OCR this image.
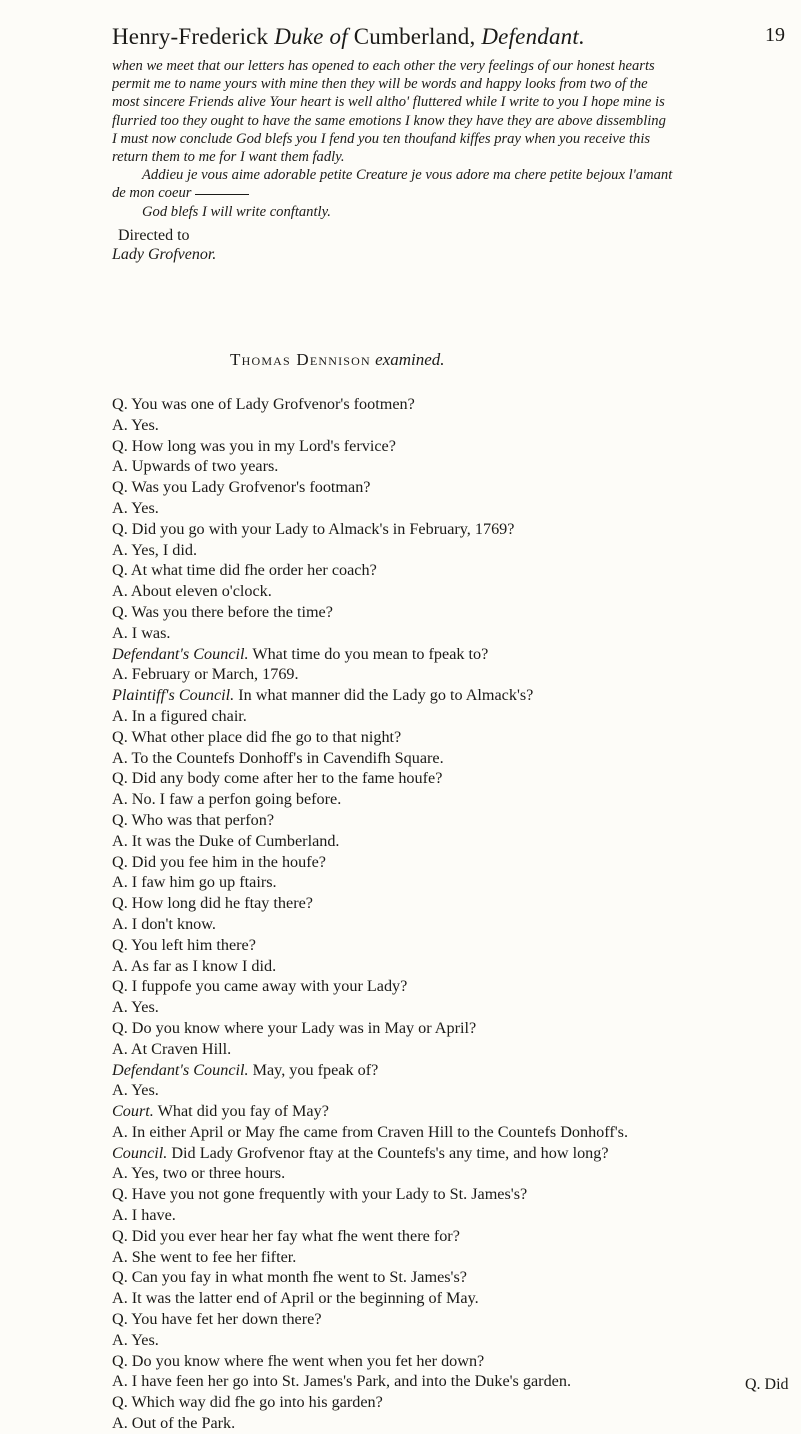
Henry-Frederick Duke of Cumberland, Defendant.	19
when we meet that our letters has opened to each other the very feelings of our honest hearts
permit me to name yours with mine then they will be words and happy looks from two of the
most sincere Friends alive Your heart is well altho' fluttered while I write to you I hope mine is
flurried too they ought to have the same emotions I know they have they are above dissembling
I must now conclude God blefs you I fend you ten thoufand kiffes pray when you receive this
return them to me for I want them fadly.
Addieu je vous aime adorable petite Creature je vous adore ma chere petite bejoux l'amant
de mon coeur
God blefs I will write conftantly.
Directed to
Lady Grofvenor.
Thomas Dennison examined.
Q. You was one of Lady Grofvenor's footmen?
A. Yes.
Q. How long was you in my Lord's fervice?
A. Upwards of two years.
Q. Was you Lady Grofvenor's footman?
A. Yes.
Q. Did you go with your Lady to Almack's in February, 1769?
A. Yes, I did.
Q. At what time did fhe order her coach?
A. About eleven o'clock.
Q. Was you there before the time?
A. I was.
Defendant's Council. What time do you mean to fpeak to?
A. February or March, 1769.
Plaintiff's Council. In what manner did the Lady go to Almack's?
A. In a figured chair.
Q. What other place did fhe go to that night?
A. To the Countefs Donhoff's in Cavendifh Square.
Q. Did any body come after her to the fame houfe?
A. No. I faw a perfon going before.
Q. Who was that perfon?
A. It was the Duke of Cumberland.
Q. Did you fee him in the houfe?
A. I faw him go up ftairs.
Q. How long did he ftay there?
A. I don't know.
Q. You left him there?
A. As far as I know I did.
Q. I fuppofe you came away with your Lady?
A. Yes.
Q. Do you know where your Lady was in May or April?
A. At Craven Hill.
Defendant's Council. May, you fpeak of?
A. Yes.
Court. What did you fay of May?
A. In either April or May fhe came from Craven Hill to the Countefs Donhoff's.
Council. Did Lady Grofvenor ftay at the Countefs's any time, and how long?
A. Yes, two or three hours.
Q. Have you not gone frequently with your Lady to St. James's?
A. I have.
Q. Did you ever hear her fay what fhe went there for?
A. She went to fee her fifter.
Q. Can you fay in what month fhe went to St. James's?
A. It was the latter end of April or the beginning of May.
Q. You have fet her down there?
A. Yes.
Q. Do you know where fhe went when you fet her down?
A. I have feen her go into St. James's Park, and into the Duke's garden.
Q. Which way did fhe go into his garden?
A. Out of the Park.
Q. Did
